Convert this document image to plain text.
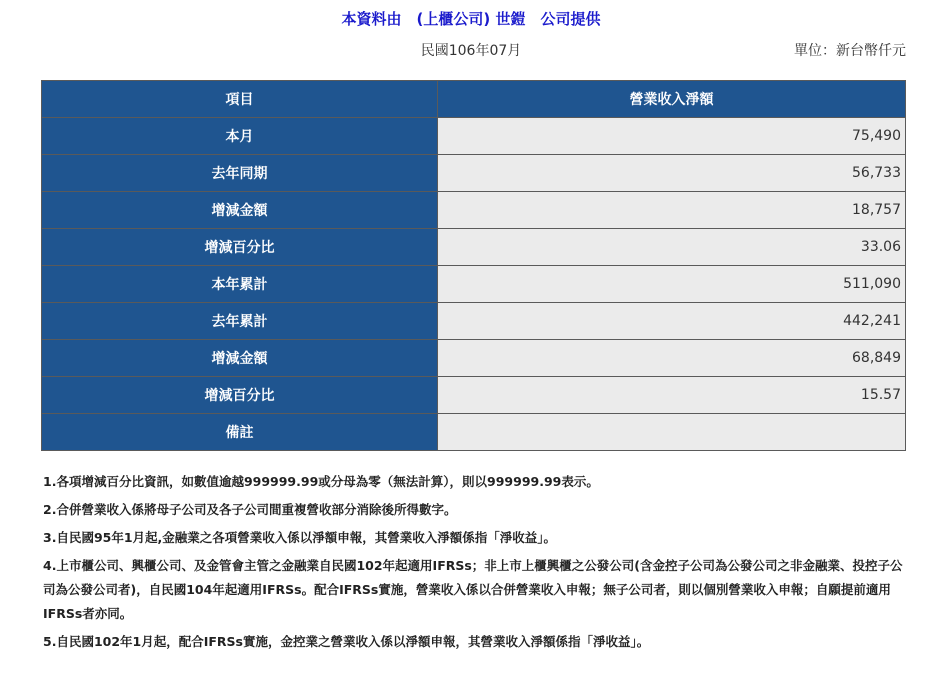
本資料由　(上櫃公司) 世鎧　公司提供
民國106年07月	單位：新台幣仟元
項目	營業收入淨額
本月	75,490
去年同期	56,733
增減金額	18,757
增減百分比	33.06
本年累計	511,090
去年累計	442,241
增減金額	68,849
增減百分比	15.57
備註	

1.各項增減百分比資訊，如數值逾越999999.99或分母為零（無法計算），則以999999.99表示。

2.合併營業收入係將母子公司及各子公司間重複營收部分消除後所得數字。

3.自民國95年1月起,金融業之各項營業收入係以淨額申報，其營業收入淨額係指「淨收益」。

4.上市櫃公司、興櫃公司、及金管會主管之金融業自民國102年起適用IFRSs；非上市上櫃興櫃之公發公司(含金控子公司為公發公司之非金融業、投控子公司為公發公司者)，自民國104年起適用IFRSs。配合IFRSs實施，營業收入係以合併營業收入申報；無子公司者，則以個別營業收入申報；自願提前適用IFRSs者亦同。

5.自民國102年1月起，配合IFRSs實施，金控業之營業收入係以淨額申報，其營業收入淨額係指「淨收益」。
